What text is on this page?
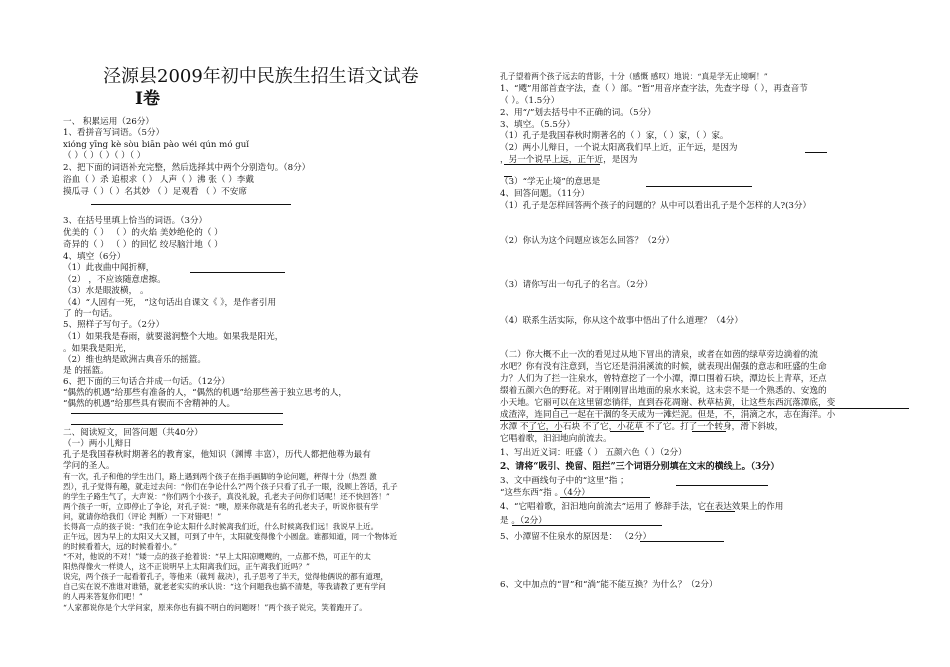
泾源县2009年初中民族生招生语文试卷
I卷
一、 积累运用（26分）
1、看拼音写词语。（5分）
xióng yīng kè sòu biān pào wéi qún mó guǐ
（ ）（ ）（ ）（ ）（ ）
2、把下面的词语补充完整，然后选择其中两个分别造句。（8分）
浴血（ ）杀 追根求（ ） 人声（ ）沸 张（ ）李戴
摸瓜寻（ ）（ ）名其妙 （ ）足观看 （ ）不安席
3、在括号里填上恰当的词语。（3分）
优美的（ ） （ ）的火焰 美妙绝伦的（ ）
奇异的（ ） （ ）的回忆 绞尽脑汁地（ ）
4、填空（6分）
（1）此夜曲中闻折柳，
（2） ，不应该随意虐擦。
（3）水是眼波横， 。
（4）“人固有一死， ”这句话出自课文《 》，是作者引用
了 的一句话。
5、照样子写句子。（2分）
（1）如果我是春雨，就要滋润整个大地。如果我是阳光，
。如果我是阳光，
（2）维也纳是欧洲古典音乐的摇篮。
是 的摇篮。
6、把下面的三句话合并成一句话。（12分）
“偶然的机遇”给那些有准备的人，“偶然的机遇”给那些善于独立思考的人，
“偶然的机遇”给那些具有锲而不舍精神的人。
二、阅读短文，回答问题（共40分）
（一）两小儿辩日
孔子是我国春秋时期著名的教育家，他知识（渊博 丰富），历代人都把他尊为最有
学问的圣人。
有一次，孔子和他的学生出门，路上遇到两个孩子在指手画脚的争论问题，秤得十分（热烈 激
烈），孔子觉得有趣，就走过去问：“你们在争论什么?”两个孩子只看了孔子一眼，没顾上答话，孔子
的学生子路生气了，大声说：“你们两个小孩子，真没礼貌，孔老夫子问你们话呢！还不快回答！”
两个孩子一听，立即停止了争论，对孔子说：“噢，原来你就是有名的孔老夫子，听说你很有学
问，就请你给我们（评论 判断）一下对错吧！”
长得高一点的孩子说：“我们在争论太阳什么时候离我们近，什么时候离我们远！我说早上近。
正午远，因为早上的太阳又大又圆，可到了中午，太阳就变得像个小圆盘。谁都知道，同一个物体近
的时候看着大，远的时候看着小。”
“不对，他说的不对！”矮一点的孩子抢着说：“早上太阳凉飕飕的，一点都不热，可正午的太
阳热得像火一样烫人，这不正说明早上太阳离我们远，正午离我们近吗？”
说完，两个孩子一起看着孔子，等他来（裁判 裁决），孔子思考了半天，觉得他俩说的都有道理，
自己实在说不准谁对谁错，就老老实实的承认说：“这个问题我也搞不清楚，等我请教了更有学问
的人再来答复你们吧！”
“人家都说你是个大学问家，原来你也有搞不明白的问题呀！”两个孩子说完，笑着跑开了。
孔子望着两个孩子远去的背影，十分（感慨 感叹）地说：“真是学无止境啊！”
1、“飕”用部首查字法，查（ ）部。“暂”用音序查字法，先查字母（ ），再查音节
（ ）。（1.5分）
2、用“/”划去括号中不正确的词。（5分）
3、填空。（5.5分）
（1）孔子是我国春秋时期著名的（ ）家，（ ）家，（ ）家。
（2）两小儿辩日，一个说太阳离我们早上近，正午远，是因为
，另一个说早上远，正午近，是因为
（3）“学无止境”的意思是
4、回答问题。（11分）
（1）孔子是怎样回答两个孩子的问题的？从中可以看出孔子是个怎样的人?(3分）
（2）你认为这个问题应该怎么回答？（2分）
（3）请你写出一句孔子的名言。（2分）
（4）联系生活实际，你从这个故事中悟出了什么道理？（4分）
（二）你大概不止一次的看见过从地下冒出的清泉，或者在如茵的绿草旁边淌着的流
水吧？你有没有注意到，当它还是涓涓溪流的时候，就表现出倔强的意志和旺盛的生命
力？人们为了拦一注泉水，曾特意挖了一个小潭，潭口围着石块，潭边长上青草，还点
缀着五颜六色的野花。对于刚刚冒出地面的泉水来说，这未尝不是一个熟悉的、安逸的
小天地。它丽可以在这里留恋徜徉，直到吞花凋谢、秋草枯黄，让这些东西沉落潭底，变
成渣滓，连同自己一起在干涸的冬天成为一滩烂泥。但是，不，涓滴之水，志在海洋。小
水潭 不了它，小石块 不了它，小花草 不了它。打了一个转身，滑下斜坡，
它唱着歌，汩汩地向前流去。
1、写出近义词：旺盛（ ） 五颜六色（ ）（2分）
2、请将“吸引、挽留、阻拦”三个词语分别填在文末的横线上。（3分）
3、文中画线句子中的“这里”指 ；
“这些东西”指 。（4分）
4、“它唱着歌，汩汩地向前流去”运用了 修辞手法，它在表达效果上的作用
是 。（2分）
5、小潭留不住泉水的原因是： （2分）
6、文中加点的“冒”和“淌”能不能互换？为什么？（2分）
